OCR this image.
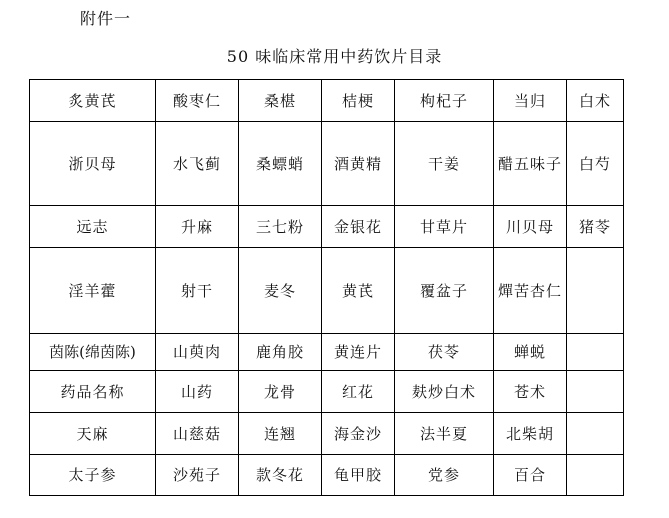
附件一
50 味临床常用中药饮片目录
炙黄芪	酸枣仁	桑椹	桔梗	枸杞子	当归	白术
浙贝母	水飞蓟	桑螵蛸	酒黄精	干姜	醋五味子	白芍
远志	升麻	三七粉	金银花	甘草片	川贝母	猪苓
淫羊藿	射干	麦冬	黄芪	覆盆子	燀苦杏仁	
茵陈(绵茵陈)	山萸肉	鹿角胶	黄连片	茯苓	蝉蜕	
药品名称	山药	龙骨	红花	麸炒白术	苍术	
天麻	山慈菇	连翘	海金沙	法半夏	北柴胡	
太子参	沙苑子	款冬花	龟甲胶	党参	百合	
